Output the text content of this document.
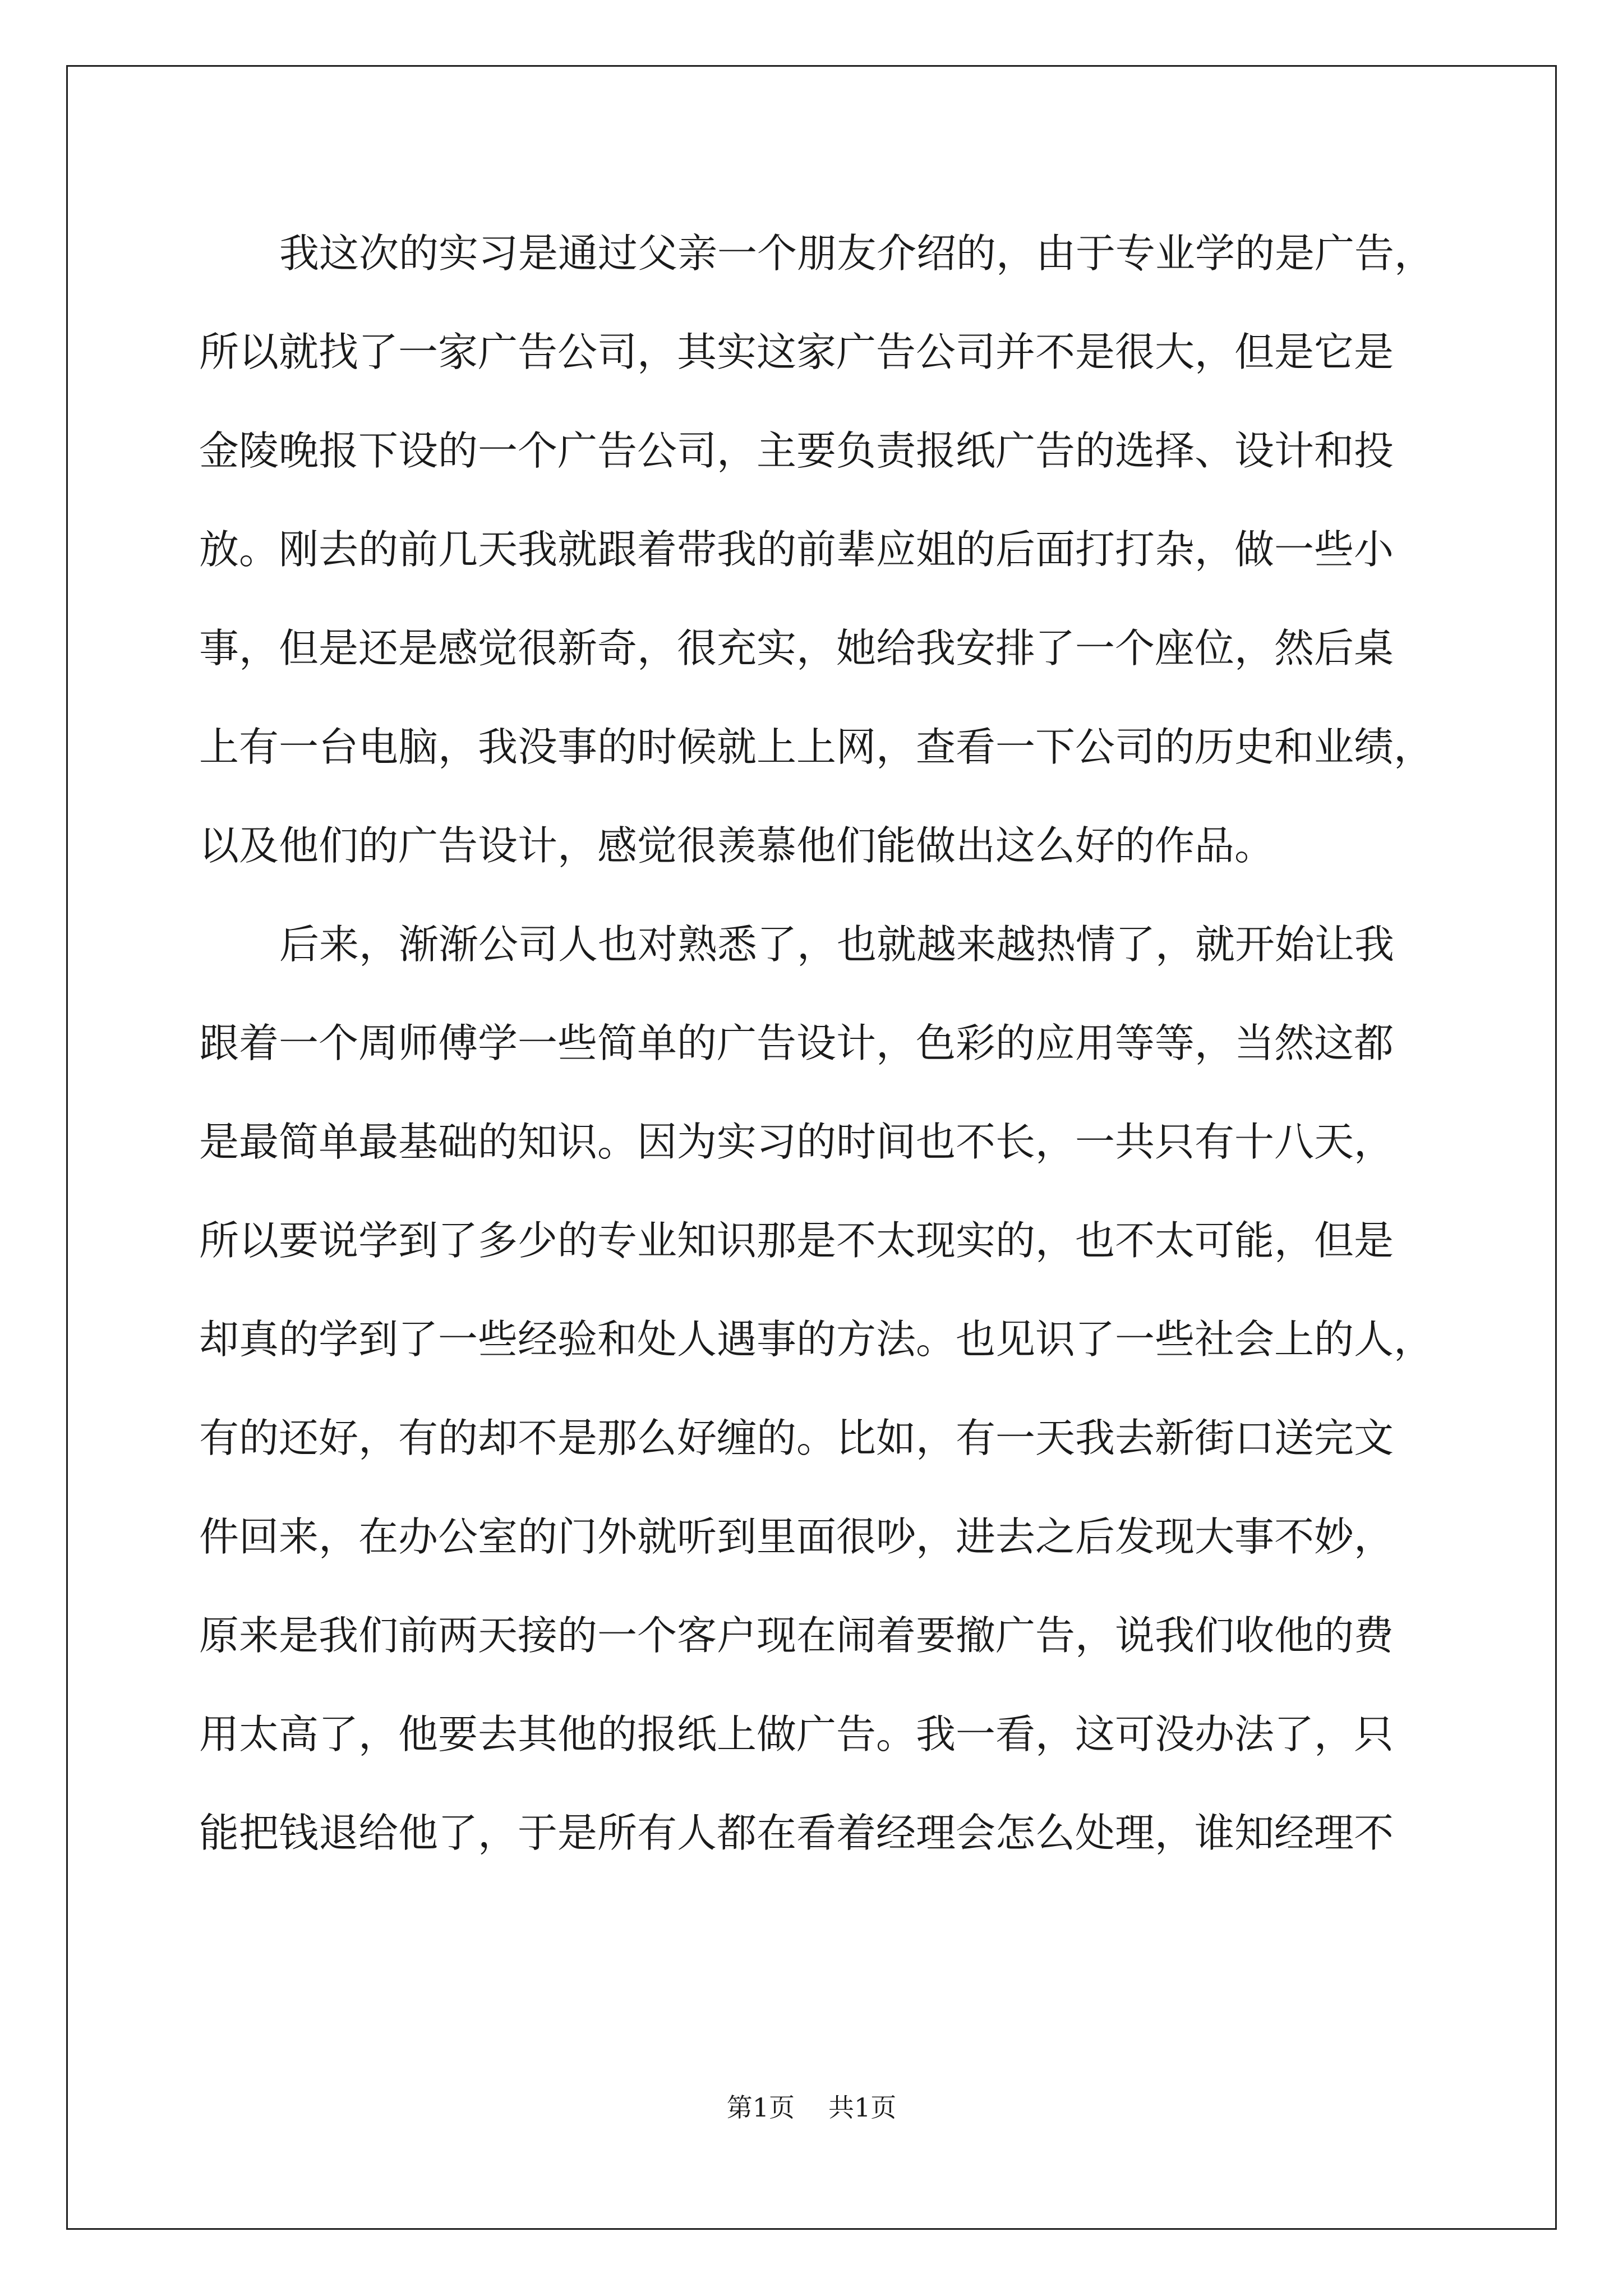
我这次的实习是通过父亲一个朋友介绍的，由于专业学的是广告，
所以就找了一家广告公司，其实这家广告公司并不是很大，但是它是
金陵晚报下设的一个广告公司，主要负责报纸广告的选择、设计和投
放。刚去的前几天我就跟着带我的前辈应姐的后面打打杂，做一些小
事，但是还是感觉很新奇，很充实，她给我安排了一个座位，然后桌
上有一台电脑，我没事的时候就上上网，查看一下公司的历史和业绩，
以及他们的广告设计，感觉很羡慕他们能做出这么好的作品。
后来，渐渐公司人也对熟悉了，也就越来越热情了，就开始让我
跟着一个周师傅学一些简单的广告设计，色彩的应用等等，当然这都
是最简单最基础的知识。因为实习的时间也不长，一共只有十八天，
所以要说学到了多少的专业知识那是不太现实的，也不太可能，但是
却真的学到了一些经验和处人遇事的方法。也见识了一些社会上的人，
有的还好，有的却不是那么好缠的。比如，有一天我去新街口送完文
件回来，在办公室的门外就听到里面很吵，进去之后发现大事不妙，
原来是我们前两天接的一个客户现在闹着要撤广告，说我们收他的费
用太高了，他要去其他的报纸上做广告。我一看，这可没办法了，只
能把钱退给他了，于是所有人都在看着经理会怎么处理，谁知经理不
第1页 共1页
